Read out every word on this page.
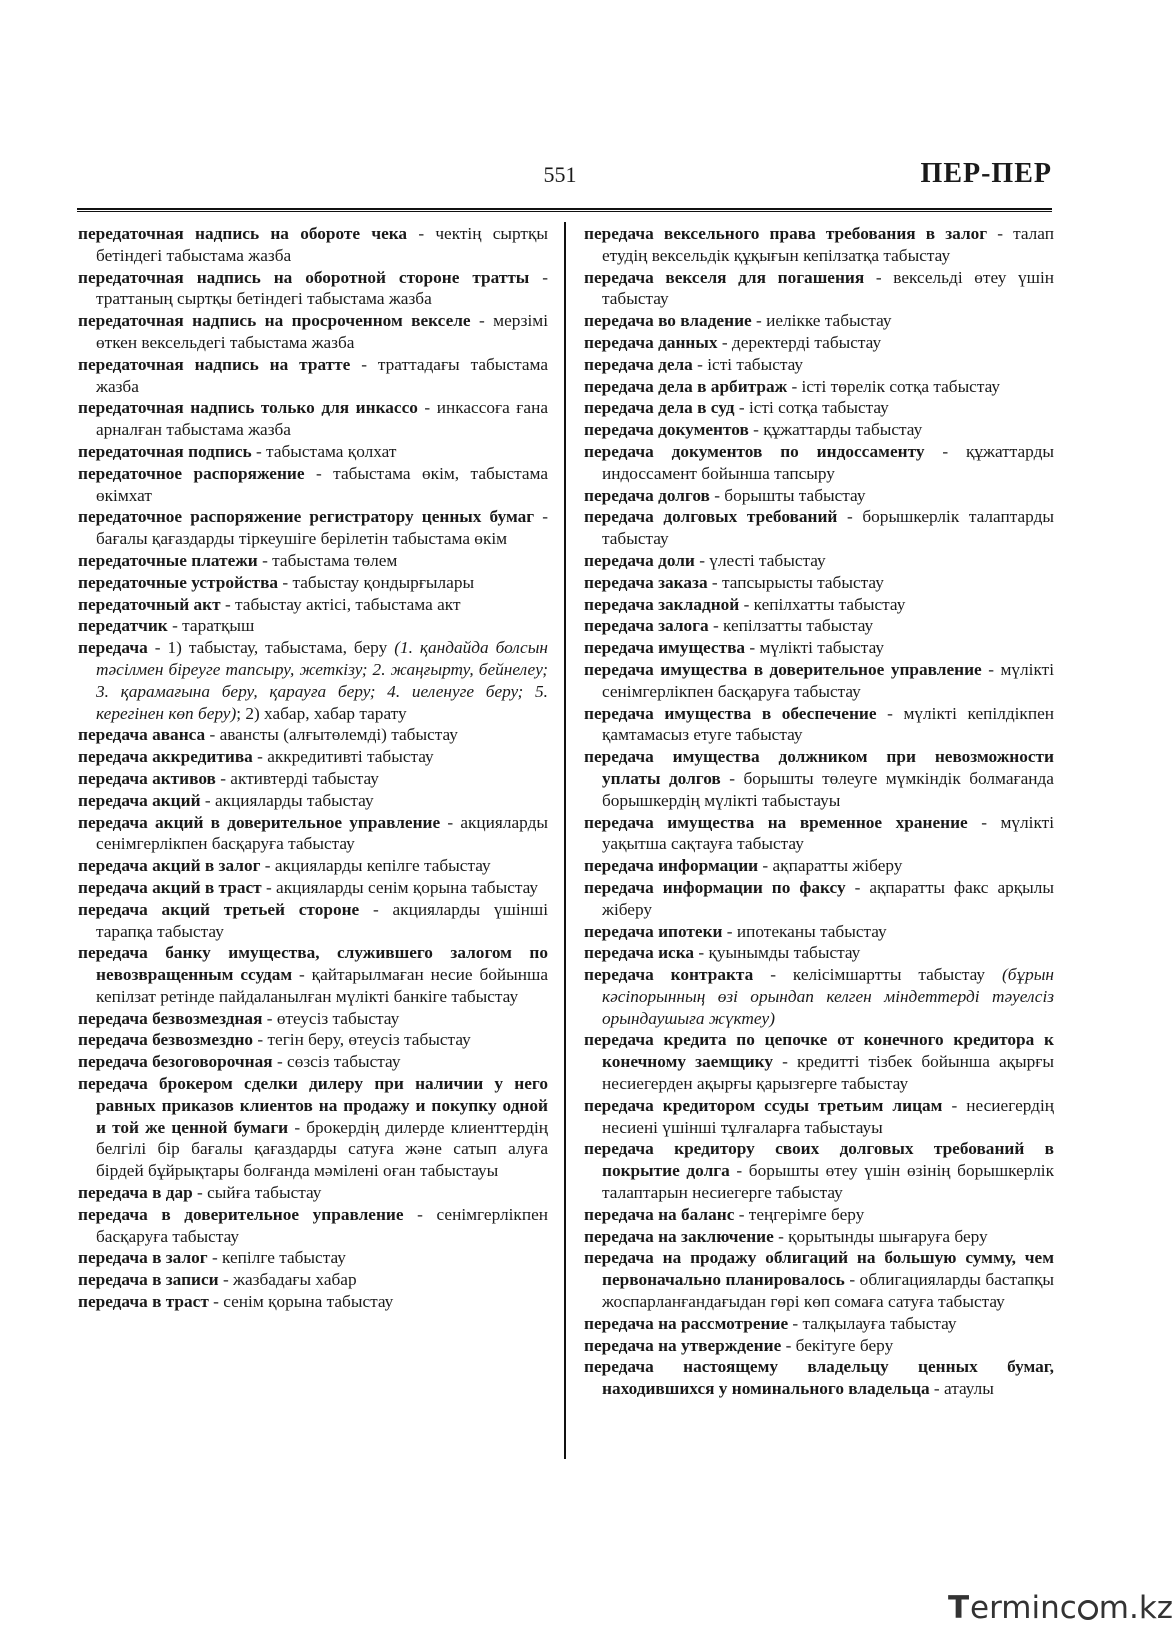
551	ПЕР-ПЕР
передаточная надпись на обороте чека - чектің сыртқы бетіндегі табыстама жазба
передаточная надпись на оборотной стороне тратты - траттаның сыртқы бетіндегі табыстама жазба
передаточная надпись на просроченном векселе - мерзімі өткен вексельдегі табыстама жазба
передаточная надпись на тратте - траттадағы табыстама жазба
передаточная надпись только для инкассо - инкассоға ғана арналған табыстама жазба
передаточная подпись - табыстама қолхат
передаточное распоряжение - табыстама өкім, табыстама өкімхат
передаточное распоряжение регистратору ценных бумаг - бағалы қағаздарды тіркеушіге берілетін табыстама өкім
передаточные платежи - табыстама төлем
передаточные устройства - табыстау қондырғылары
передаточный акт - табыстау актісі, табыстама акт
передатчик - таратқыш
передача - 1) табыстау, табыстама, беру (1. қандайда болсын тәсілмен біреуге тапсыру, жеткізу; 2. жаңғырту, бейнелеу; 3. қарамағына беру, қарауға беру; 4. иеленуге беру; 5. керегінен көп беру); 2) хабар, хабар тарату
передача аванса - авансты (алғытөлемді) табыстау
передача аккредитива - аккредитивті табыстау
передача активов - активтерді табыстау
передача акций - акцияларды табыстау
передача акций в доверительное управление - акцияларды сенімгерлікпен басқаруға табыстау
передача акций в залог - акцияларды кепілге табыстау
передача акций в траст - акцияларды сенім қорына табыстау
передача акций третьей стороне - акцияларды үшінші тарапқа табыстау
передача банку имущества, служившего залогом по невозвращенным ссудам - қайтарылмаған несие бойынша кепілзат ретінде пайдаланылған мүлікті банкіге табыстау
передача безвозмездная - өтеусіз табыстау
передача безвозмездно - тегін беру, өтеусіз табыстау
передача безоговорочная - сөзсіз табыстау
передача брокером сделки дилеру при наличии у него равных приказов клиентов на продажу и покупку одной и той же ценной бумаги - брокердің дилерде клиенттердің белгілі бір бағалы қағаздарды сатуға және сатып алуға бірдей бұйрықтары болғанда мәмілені оған табыстауы
передача в дар - сыйға табыстау
передача в доверительное управление - сенімгерлікпен басқаруға табыстау
передача в залог - кепілге табыстау
передача в записи - жазбадағы хабар
передача в траст - сенім қорына табыстау
передача вексельного права требования в залог - талап етудің вексельдік құқығын кепілзатқа табыстау
передача векселя для погашения - вексельді өтеу үшін табыстау
передача во владение - иелікке табыстау
передача данных - деректерді табыстау
передача дела - істі табыстау
передача дела в арбитраж - істі төрелік сотқа табыстау
передача дела в суд - істі сотқа табыстау
передача документов - құжаттарды табыстау
передача документов по индоссаменту - құжаттарды индоссамент бойынша тапсыру
передача долгов - борышты табыстау
передача долговых требований - борышкерлік талаптарды табыстау
передача доли - үлесті табыстау
передача заказа - тапсырысты табыстау
передача закладной - кепілхатты табыстау
передача залога - кепілзатты табыстау
передача имущества - мүлікті табыстау
передача имущества в доверительное управление - мүлікті сенімгерлікпен басқаруға табыстау
передача имущества в обеспечение - мүлікті кепілдікпен қамтамасыз етуге табыстау
передача имущества должником при невозможности уплаты долгов - борышты төлеуге мүмкіндік болмағанда борышкердің мүлікті табыстауы
передача имущества на временное хранение - мүлікті уақытша сақтауға табыстау
передача информации - ақпаратты жіберу
передача информации по факсу - ақпаратты факс арқылы жіберу
передача ипотеки - ипотеканы табыстау
передача иска - қуынымды табыстау
передача контракта - келісімшартты табыстау (бұрын кәсіпорынның өзі орындап келген міндеттерді тәуелсіз орындаушыға жүктеу)
передача кредита по цепочке от конечного кредитора к конечному заемщику - кредитті тізбек бойынша ақырғы несиегерден ақырғы қарызгерге табыстау
передача кредитором ссуды третьим лицам - несиегердің несиені үшінші тұлғаларға табыстауы
передача кредитору своих долговых требований в покрытие долга - борышты өтеу үшін өзінің борышкерлік талаптарын несиегерге табыстау
передача на баланс - теңгерімге беру
передача на заключение - қорытынды шығаруға беру
передача на продажу облигаций на большую сумму, чем первоначально планировалось - облигацияларды бастапқы жоспарланғандағыдан гөрі көп сомаға сатуға табыстау
передача на рассмотрение - талқылауға табыстау
передача на утверждение - бекітуге беру
передача настоящему владельцу ценных бумаг, находившихся у номинального владельца - атаулы
Terminc m.kz
